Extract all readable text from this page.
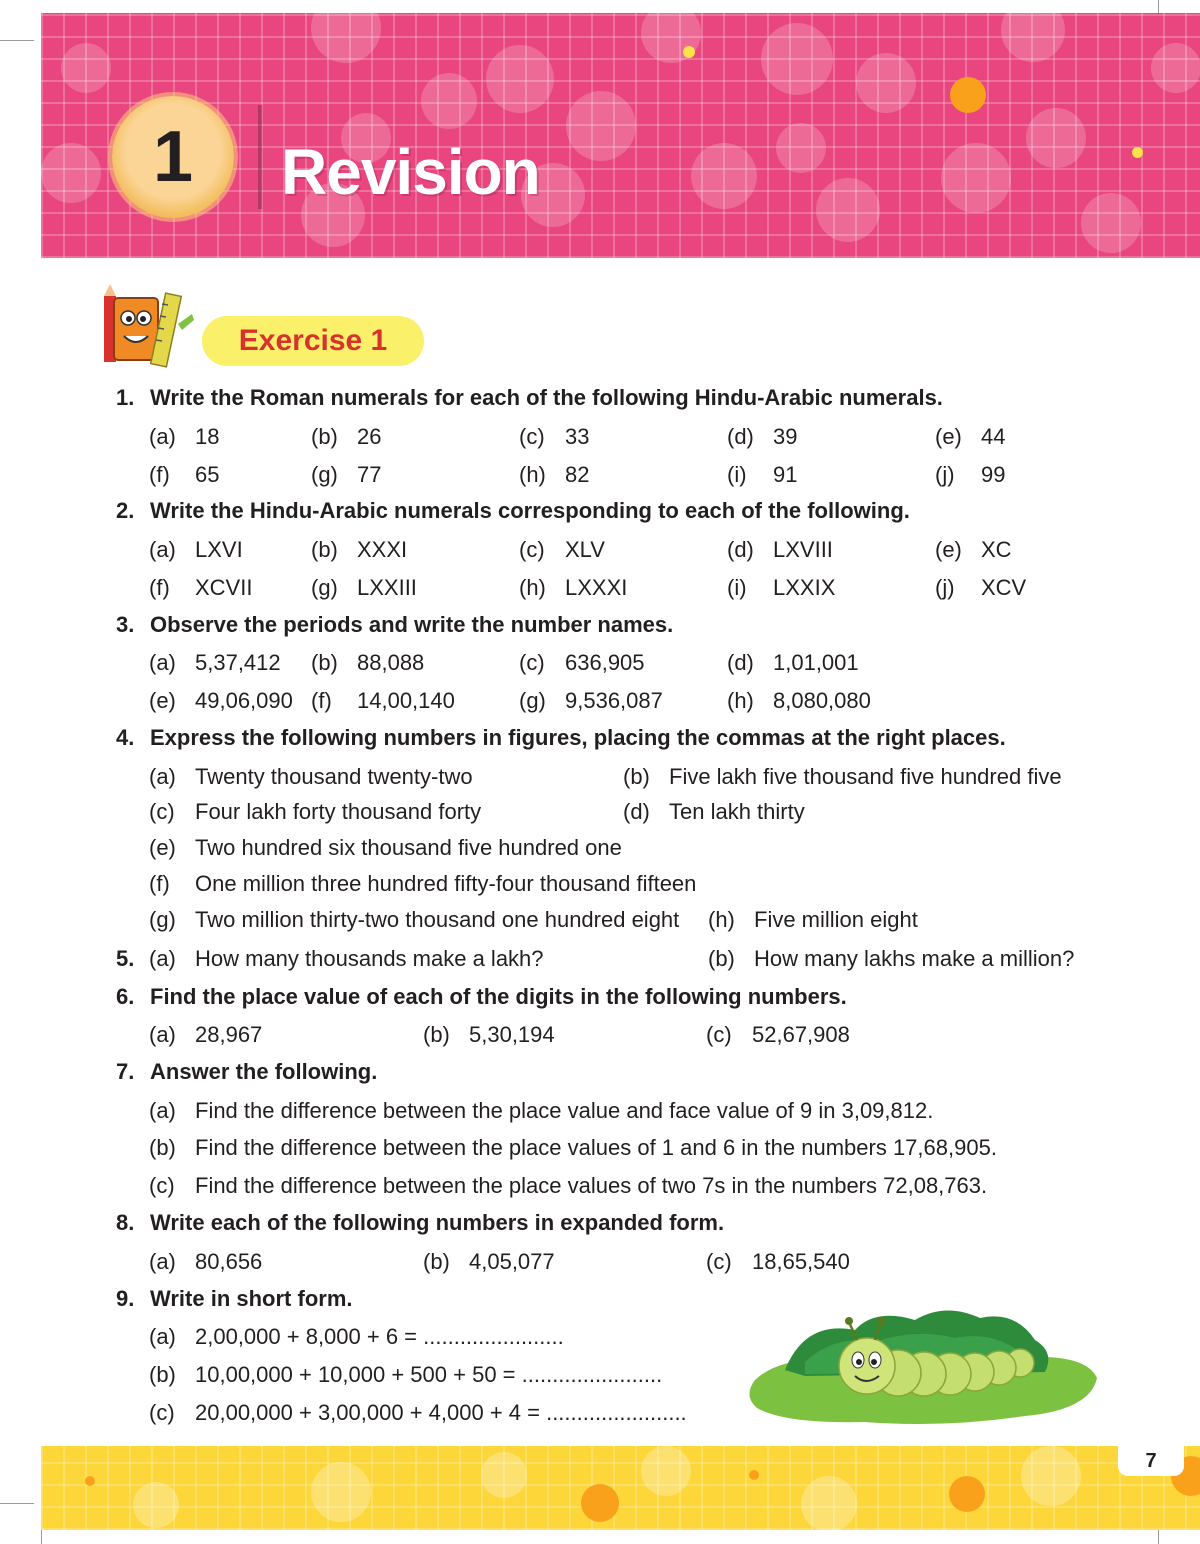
1	Revision
Exercise 1
1. Write the Roman numerals for each of the following Hindu-Arabic numerals.
(a) 18	(b) 26	(c) 33	(d) 39	(e) 44
(f) 65	(g) 77	(h) 82	(i) 91	(j) 99
2. Write the Hindu-Arabic numerals corresponding to each of the following.
(a) LXVI	(b) XXXI	(c) XLV	(d) LXVIII	(e) XC
(f) XCVII	(g) LXXIII	(h) LXXXI	(i) LXXIX	(j) XCV
3. Observe the periods and write the number names.
(a) 5,37,412 (b) 88,088	(c) 636,905	(d) 1,01,001
(e) 49,06,090 (f) 14,00,140	(g) 9,536,087	(h) 8,080,080
4. Express the following numbers in figures, placing the commas at the right places.
(a) Twenty thousand twenty-two	(b) Five lakh five thousand five hundred five
(c) Four lakh forty thousand forty	(d) Ten lakh thirty
(e) Two hundred six thousand five hundred one
(f) One million three hundred fifty-four thousand fifteen
(g) Two million thirty-two thousand one hundred eight (h) Five million eight
5. (a) How many thousands make a lakh?	(b) How many lakhs make a million?
6. Find the place value of each of the digits in the following numbers.
(a) 28,967	(b) 5,30,194	(c) 52,67,908
7. Answer the following.
(a) Find the difference between the place value and face value of 9 in 3,09,812.
(b) Find the difference between the place values of 1 and 6 in the numbers 17,68,905.
(c) Find the difference between the place values of two 7s in the numbers 72,08,763.
8. Write each of the following numbers in expanded form.
(a) 80,656	(b) 4,05,077	(c) 18,65,540
9. Write in short form.
(a) 2,00,000 + 8,000 + 6 = .......................
(b) 10,00,000 + 10,000 + 500 + 50 = .......................
(c) 20,00,000 + 3,00,000 + 4,000 + 4 = .......................
7
